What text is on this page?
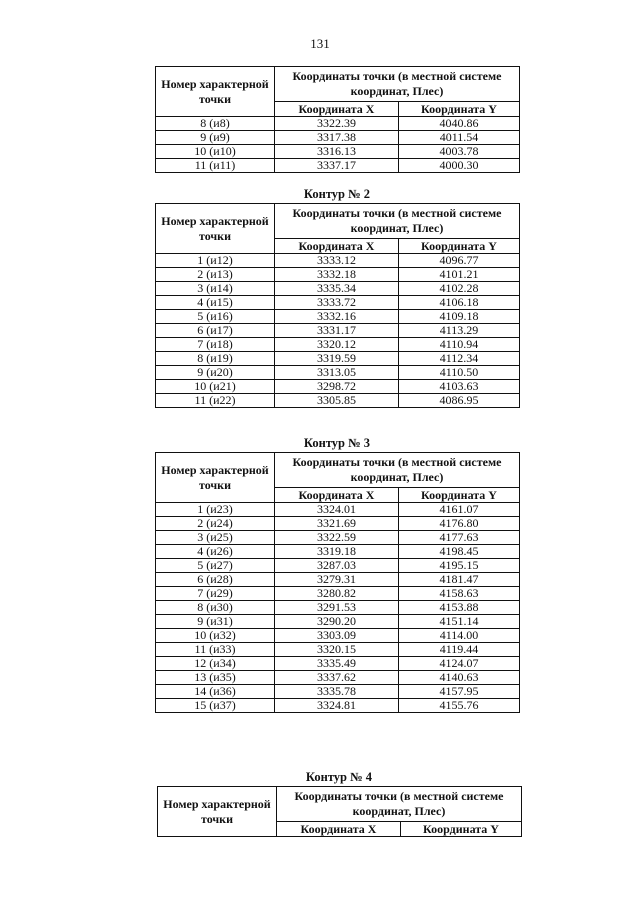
131
Номер характерной точки	Координаты точки (в местной системе координат, Плес)	
	Координата X	Координата Y
8 (и8)	3322.39	4040.86
9 (и9)	3317.38	4011.54
10 (и10)	3316.13	4003.78
11 (и11)	3337.17	4000.30
Контур № 2
Номер характерной точки	Координаты точки (в местной системе координат, Плес)	
	Координата X	Координата Y
1 (и12)	3333.12	4096.77
2 (и13)	3332.18	4101.21
3 (и14)	3335.34	4102.28
4 (и15)	3333.72	4106.18
5 (и16)	3332.16	4109.18
6 (и17)	3331.17	4113.29
7 (и18)	3320.12	4110.94
8 (и19)	3319.59	4112.34
9 (и20)	3313.05	4110.50
10 (и21)	3298.72	4103.63
11 (и22)	3305.85	4086.95
Контур № 3
Номер характерной точки	Координаты точки (в местной системе координат, Плес)	
	Координата X	Координата Y
1 (и23)	3324.01	4161.07
2 (и24)	3321.69	4176.80
3 (и25)	3322.59	4177.63
4 (и26)	3319.18	4198.45
5 (и27)	3287.03	4195.15
6 (и28)	3279.31	4181.47
7 (и29)	3280.82	4158.63
8 (и30)	3291.53	4153.88
9 (и31)	3290.20	4151.14
10 (и32)	3303.09	4114.00
11 (и33)	3320.15	4119.44
12 (и34)	3335.49	4124.07
13 (и35)	3337.62	4140.63
14 (и36)	3335.78	4157.95
15 (и37)	3324.81	4155.76
Контур № 4
Номер характерной точки	Координаты точки (в местной системе координат, Плес)	
	Координата X	Координата Y
